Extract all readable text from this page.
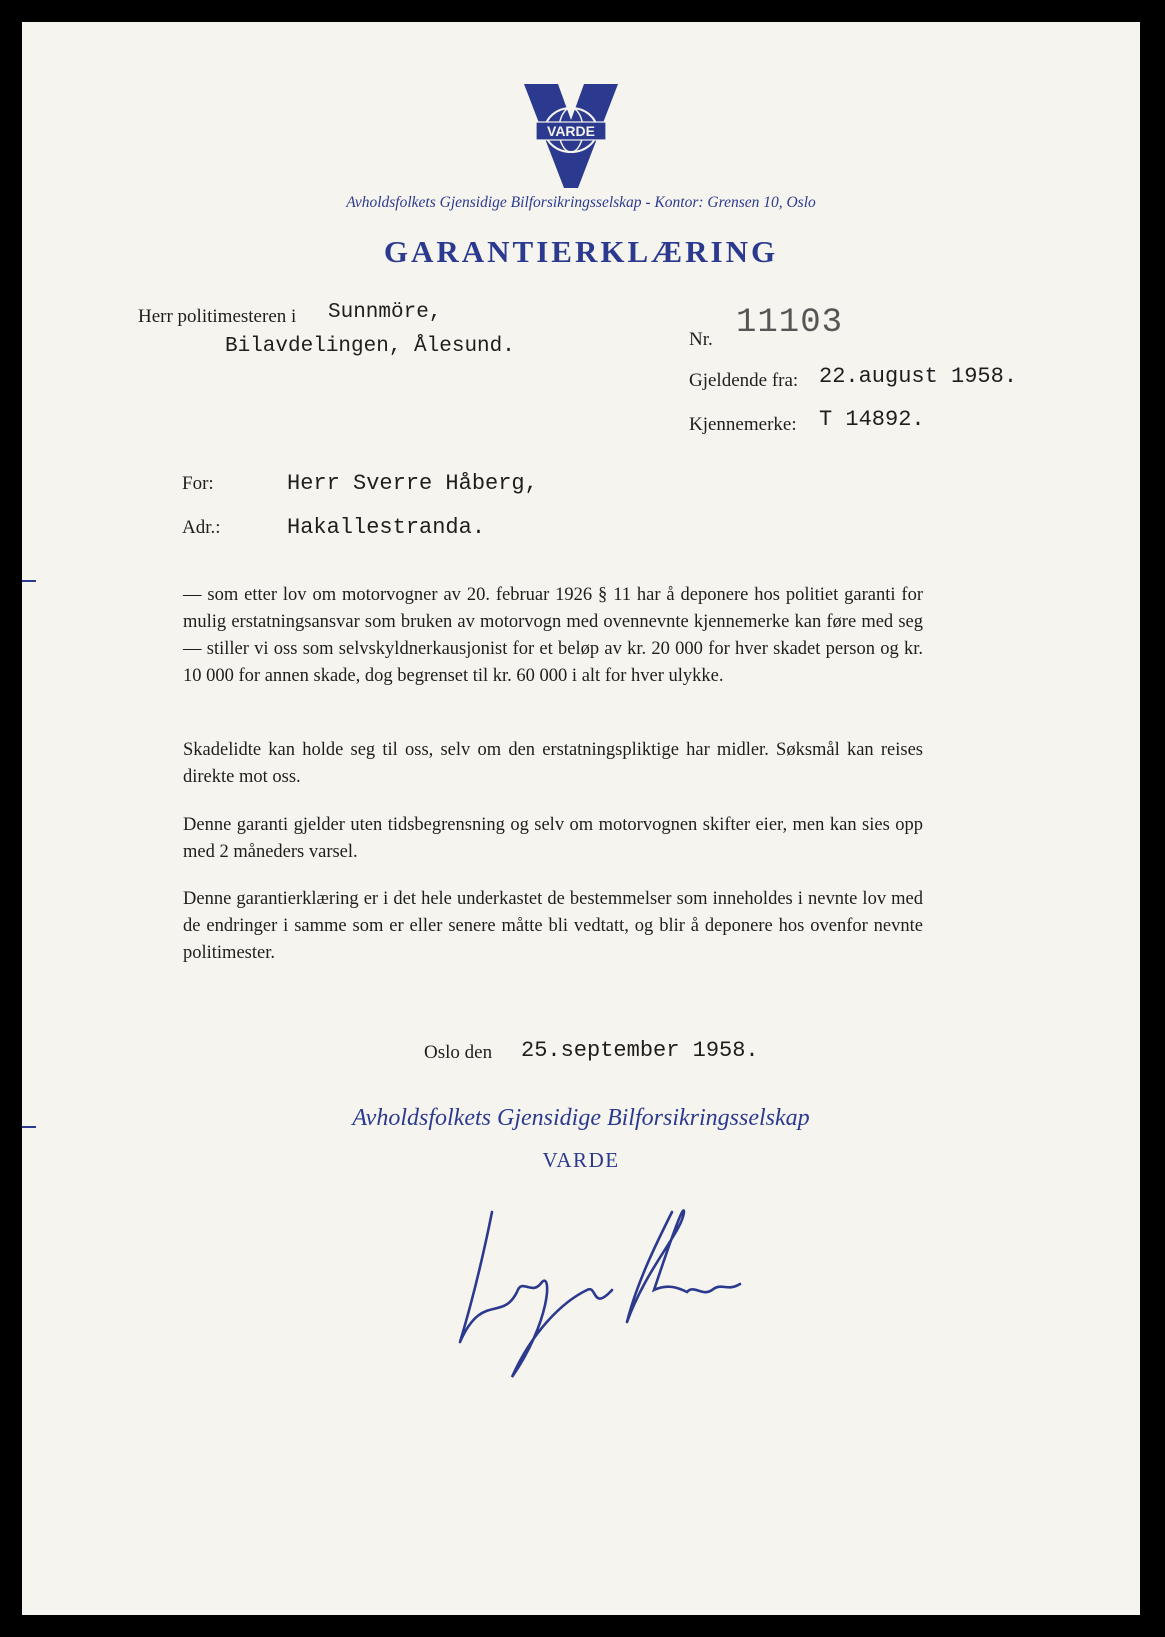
VARDE
Avholdsfolkets Gjensidige Bilforsikringsselskap - Kontor: Grensen 10, Oslo
GARANTIERKLÆRING
Herr politimesteren i Sunnmöre,
Bilavdelingen, Ålesund.	Nr. 11103
Gjeldende fra: 22.august 1958.
Kjennemerke: T 14892.
For:	Herr Sverre Håberg,
Adr.:	Hakallestranda.
— som etter lov om motorvogner av 20. februar 1926 § 11 har å deponere hos politiet garanti for mulig erstatningsansvar som bruken av motorvogn med ovennevnte kjennemerke kan føre med seg — stiller vi oss som selvskyldnerkausjonist for et beløp av kr. 20 000 for hver skadet person og kr. 10 000 for annen skade, dog begrenset til kr. 60 000 i alt for hver ulykke.
Skadelidte kan holde seg til oss, selv om den erstatningspliktige har midler. Søksmål kan reises direkte mot oss.
Denne garanti gjelder uten tidsbegrensning og selv om motorvognen skifter eier, men kan sies opp med 2 måneders varsel.
Denne garantierklæring er i det hele underkastet de bestemmelser som inneholdes i nevnte lov med de endringer i samme som er eller senere måtte bli vedtatt, og blir å deponere hos ovenfor nevnte politimester.
Oslo den 25.september 1958.
Avholdsfolkets Gjensidige Bilforsikringsselskap
VARDE
